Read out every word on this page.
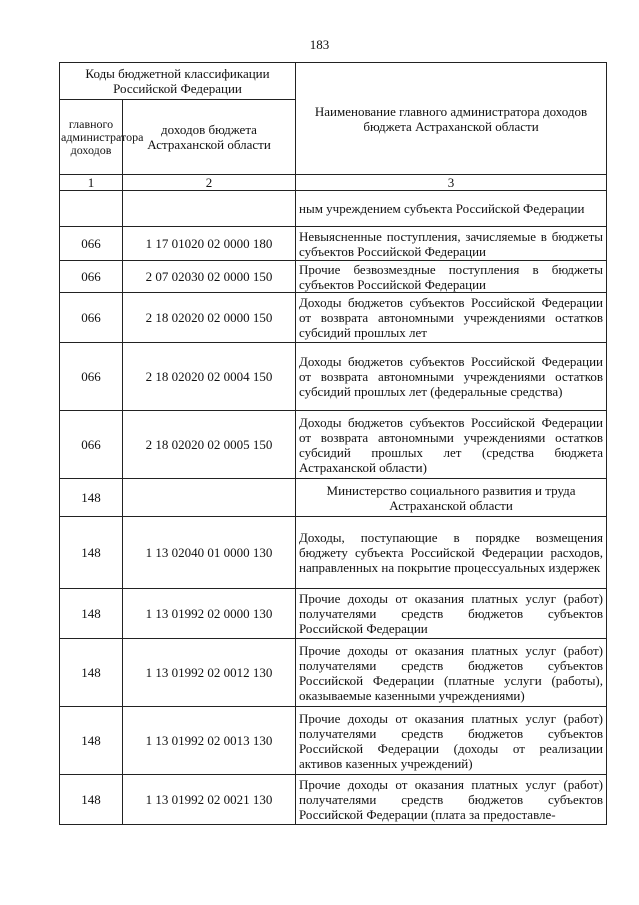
183
Коды бюджетной классификации Российской Федерации		Наименование главного администратора доходов бюджета Астраханской области
главного администратора доходов	доходов бюджета Астраханской области	
1	2	3
		ным учреждением субъекта Российской Федерации
066	1 17 01020 02 0000 180	Невыясненные поступления, зачисляемые в бюджеты субъектов Российской Федерации
066	2 07 02030 02 0000 150	Прочие безвозмездные поступления в бюджеты субъектов Российской Федерации
066	2 18 02020 02 0000 150	Доходы бюджетов субъектов Российской Федерации от возврата автономными учреждениями остатков субсидий прошлых лет
066	2 18 02020 02 0004 150	Доходы бюджетов субъектов Российской Федерации от возврата автономными учреждениями остатков субсидий прошлых лет (федеральные средства)
066	2 18 02020 02 0005 150	Доходы бюджетов субъектов Российской Федерации от возврата автономными учреждениями остатков субсидий прошлых лет (средства бюджета Астраханской области)
148		Министерство социального развития и труда Астраханской области
148	1 13 02040 01 0000 130	Доходы, поступающие в порядке возмещения бюджету субъекта Российской Федерации расходов, направленных на покрытие процессуальных издержек
148	1 13 01992 02 0000 130	Прочие доходы от оказания платных услуг (работ) получателями средств бюджетов субъектов Российской Федерации
148	1 13 01992 02 0012 130	Прочие доходы от оказания платных услуг (работ) получателями средств бюджетов субъектов Российской Федерации (платные услуги (работы), оказываемые казенными учреждениями)
148	1 13 01992 02 0013 130	Прочие доходы от оказания платных услуг (работ) получателями средств бюджетов субъектов Российской Федерации (доходы от реализации активов казенных учреждений)
148	1 13 01992 02 0021 130	Прочие доходы от оказания платных услуг (работ) получателями средств бюджетов субъектов Российской Федерации (плата за предоставле-
